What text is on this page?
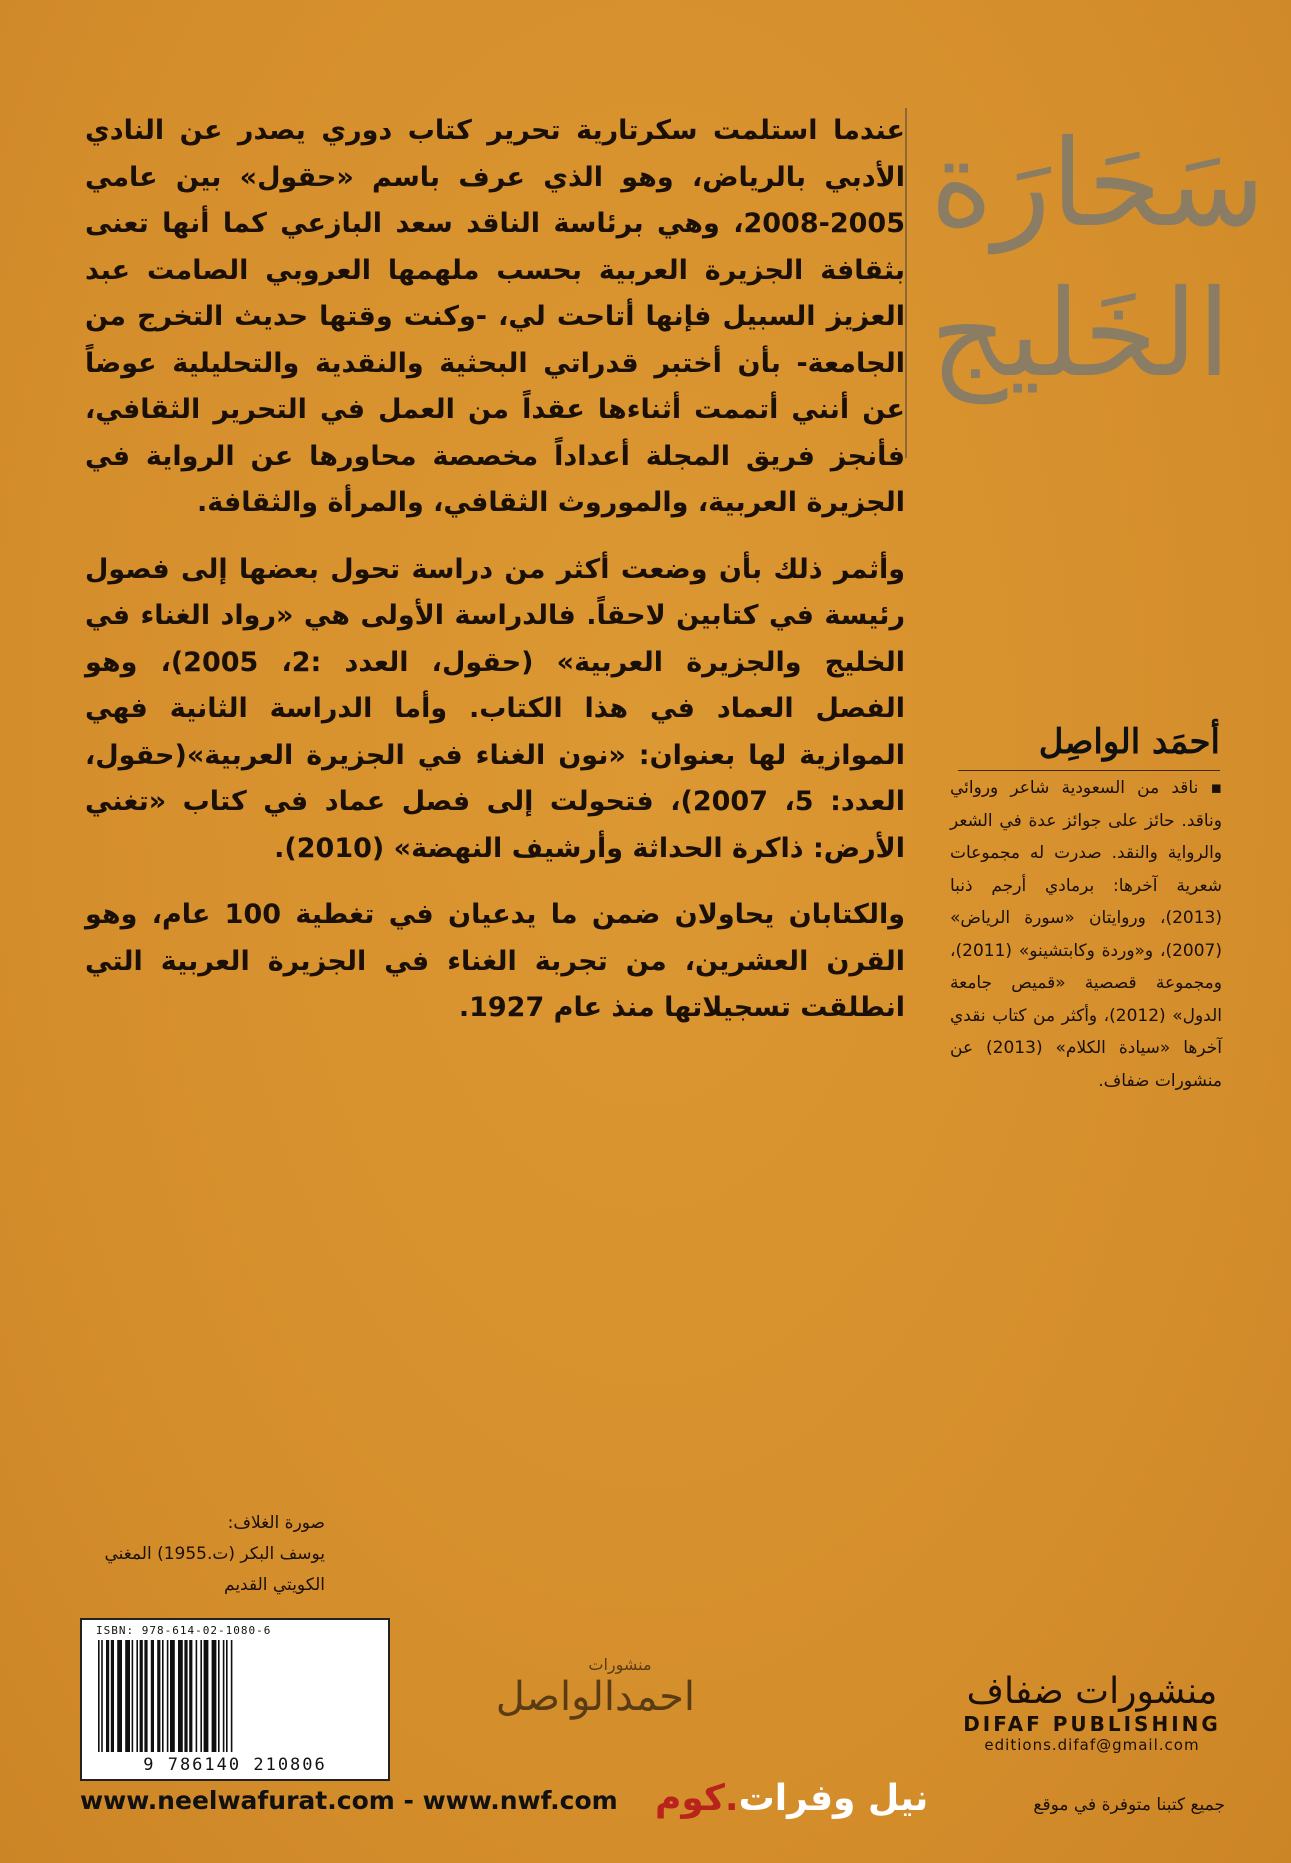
سَحَارَة
الخَليج

عندما استلمت سكرتارية تحرير كتاب دوري يصدر عن النادي الأدبي بالرياض، وهو الذي عرف باسم «حقول» بين عامي 2005-2008، وهي برئاسة الناقد سعد البازعي كما أنها تعنى بثقافة الجزيرة العربية بحسب ملهمها العروبي الصامت عبد العزيز السبيل فإنها أتاحت لي، -وكنت وقتها حديث التخرج من الجامعة- بأن أختبر قدراتي البحثية والنقدية والتحليلية عوضاً عن أنني أتممت أثناءها عقداً من العمل في التحرير الثقافي، فأنجز فريق المجلة أعداداً مخصصة محاورها عن الرواية في الجزيرة العربية، والموروث الثقافي، والمرأة والثقافة.

وأثمر ذلك بأن وضعت أكثر من دراسة تحول بعضها إلى فصول رئيسة في كتابين لاحقاً. فالدراسة الأولى هي «رواد الغناء في الخليج والجزيرة العربية» (حقول، العدد :2، 2005)، وهو الفصل العماد في هذا الكتاب. وأما الدراسة الثانية فهي الموازية لها بعنوان: «نون الغناء في الجزيرة العربية»(حقول، العدد: 5، 2007)، فتحولت إلى فصل عماد في كتاب «تغني الأرض: ذاكرة الحداثة وأرشيف النهضة» (2010).

والكتابان يحاولان ضمن ما يدعيان في تغطية 100 عام، وهو القرن العشرين، من تجربة الغناء في الجزيرة العربية التي انطلقت تسجيلاتها منذ عام 1927.

أحمَد الواصِل
▪ ناقد من السعودية شاعر وروائي وناقد. حائز على جوائز عدة في الشعر والرواية والنقد. صدرت له مجموعات شعرية آخرها: برمادي أرجم ذنبا (2013)، وروايتان «سورة الرياض» (2007)، و«وردة وكابتشينو» (2011)، ومجموعة قصصية «قميص جامعة الدول» (2012)، وأكثر من كتاب نقدي آخرها «سيادة الكلام» (2013) عن منشورات ضفاف.
صورة الغلاف:
يوسف البكر (ت.1955) المغني
الكويتي القديم
ISBN: 978-614-02-1080-6
9 786140 210806
منشورات
احمدالواصل	منشورات ضفاف
DIFAF PUBLISHING
editions.difaf@gmail.com
www.neelwafurat.com - www.nwf.com	نيل وفرات.كوم	جميع كتبنا متوفرة في موقع
